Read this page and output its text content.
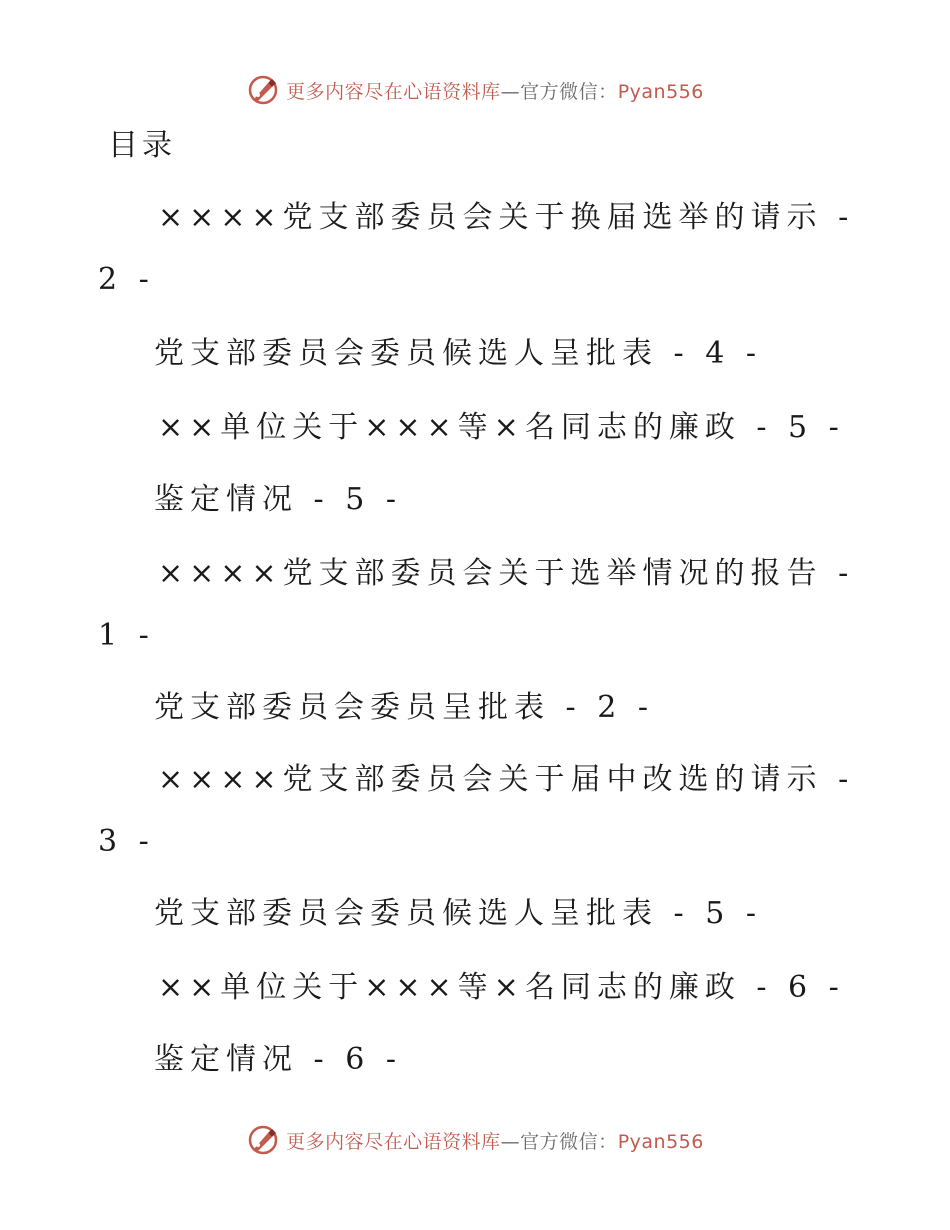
更多内容尽在心语资料库—官方微信：Pyan556
目录
××××党支部委员会关于换届选举的请示 -
2 -
党支部委员会委员候选人呈批表 - 4 -
××单位关于×××等×名同志的廉政 - 5 -
鉴定情况 - 5 -
××××党支部委员会关于选举情况的报告 -
1 -
党支部委员会委员呈批表 - 2 -
××××党支部委员会关于届中改选的请示 -
3 -
党支部委员会委员候选人呈批表 - 5 -
××单位关于×××等×名同志的廉政 - 6 -
鉴定情况 - 6 -
更多内容尽在心语资料库—官方微信：Pyan556
